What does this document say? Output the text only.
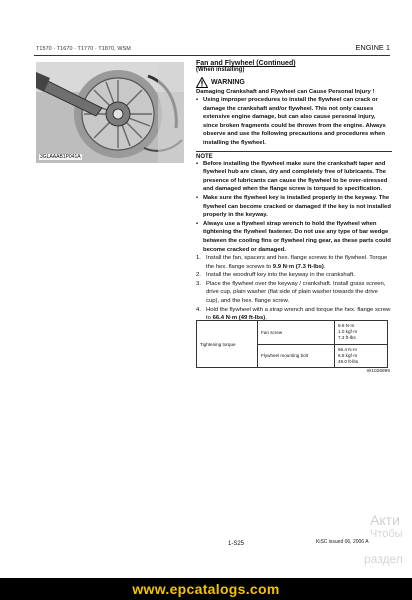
T1570 · T1670 · T1770 · T1870, WSM	ENGINE 1
3GLAAAB1P041A

Fan and Flywheel (Continued)

(When installing)

WARNING

Damaging Crankshaft and Flywheel can Cause Personal Injury !

• Using improper procedures to install the flywheel can crack or damage the crankshaft and/or flywheel. This not only causes extensive engine damage, but can also cause personal injury, since broken fragments could be thrown from the engine. Always observe and use the following precautions and procedures when installing the flywheel.

NOTE

• Before installing the flywheel make sure the crankshaft taper and flywheel hub are clean, dry and completely free of lubricants. The presence of lubricants can cause the flywheel to be over-stressed and damaged when the flange screw is torqued to specification.

• Make sure the flywheel key is installed properly in the keyway. The flywheel can become cracked or damaged if the key is not installed properly in the keyway.

• Always use a flywheel strap wrench to hold the flywheel when tightening the flywheel fastener. Do not use any type of bar wedge between the cooling fins or flywheel ring gear, as these parts could become cracked or damaged.

1. Install the fan, spacers and hex. flange screws to the flywheel. Torque the hex. flange screws to 9.9 N·m (7.3 ft-lbs).

2. Install the woodruff key into the keyway in the crankshaft.

3. Place the flywheel over the keyway / crankshaft. Install grass screen, drive cup, plain washer (flat side of plain washer towards the drive cup), and the hex. flange screw.

4. Hold the flywheel with a strap wrench and torque the hex. flange screw to 66.4 N·m (49 ft-lbs).

Tightening torque	Fan screw	9.9 N·m
1.0 kgf·m
7.3 ft-lbs

	Flywheel mounting bolt	66.4 N·m
6.8 kgf·m
49.0 ft-lbs
W1026896
Акти
Чтобы
раздел
1-S25	KiSC issued 06, 2006 A
www.epcatalogs.com
